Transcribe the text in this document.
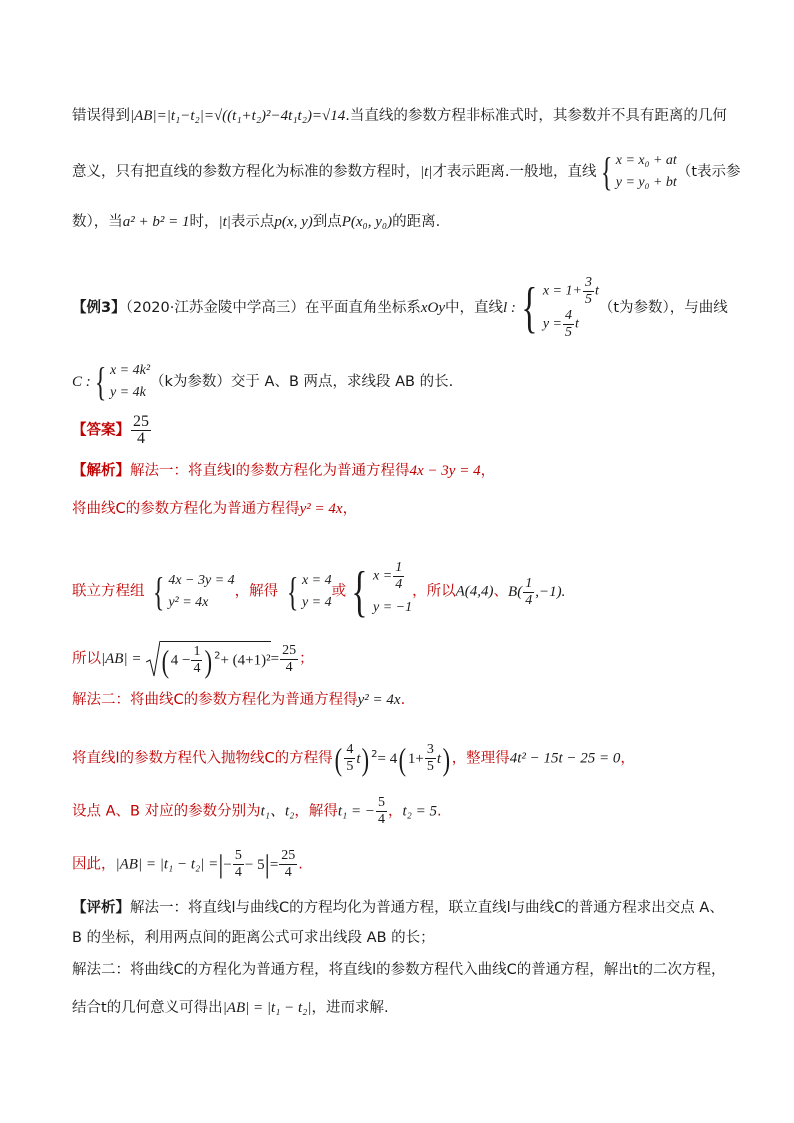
错误得到|AB|=|t₁−t₂|=√((t₁+t₂)²−4t₁t₂)=√14.当直线的参数方程非标准式时，其参数并不具有距离的几何
意义，只有把直线的参数方程化为标准的参数方程时，|t|才表示距离.一般地，直线 { x = x₀ + at
y = y₀ + bt
（t表示参
数），当a² + b² = 1时，|t|表示点p(x, y)到点P(x₀, y₀)的距离.
【例3】（2020·江苏金陵中学高三）在平面直角坐标系xOy中，直线l : { $x = 1+ \frac{3}{5}$ t
$y = \frac{4}{5}$ t
（t为参数），与曲线
C : { x = 4k²
y = 4k
（k为参数）交于 A、B 两点，求线段 AB 的长.
【答案】 $\frac{25}{4}$
【解析】解法一：将直线l的参数方程化为普通方程得4x − 3y = 4，
将曲线C的参数方程化为普通方程得y² = 4x，
联立方程组 { 4x − 3y = 4
y² = 4x
，解得 { x = 4
y = 4
或 { $x = \frac{1}{4}$
y = −1
，所以A(4,4)、$B( \frac{1}{4} ,-1)$.
所以|AB| = ( $4 - \frac{1}{4}$ ) $^2+ (4+1)^2= \frac{25}{4}$ ；
解法二：将曲线C的参数方程化为普通方程得y² = 4x.
将直线l的参数方程代入抛物线C的方程得( $\frac{4}{5} t$) $^2$= 4( $1+ \frac{3}{5} t$) ，整理得4t² − 15t − 25 = 0，
设点 A、B 对应的参数分别为t₁、t₂，解得t₁ = − $\frac{5}{4}$ ，t₂ = 5.
因此，|AB| = |t₁ − t₂| =|− $\frac{5}{4} - 5|= \frac{25}{4}$ .
【评析】解法一：将直线l与曲线C的方程均化为普通方程，联立直线l与曲线C的普通方程求出交点 A、
B 的坐标，利用两点间的距离公式可求出线段 AB 的长；
解法二：将曲线C的方程化为普通方程，将直线l的参数方程代入曲线C的普通方程，解出t的二次方程，
结合t的几何意义可得出|AB| = |t₁ − t₂|，进而求解.
